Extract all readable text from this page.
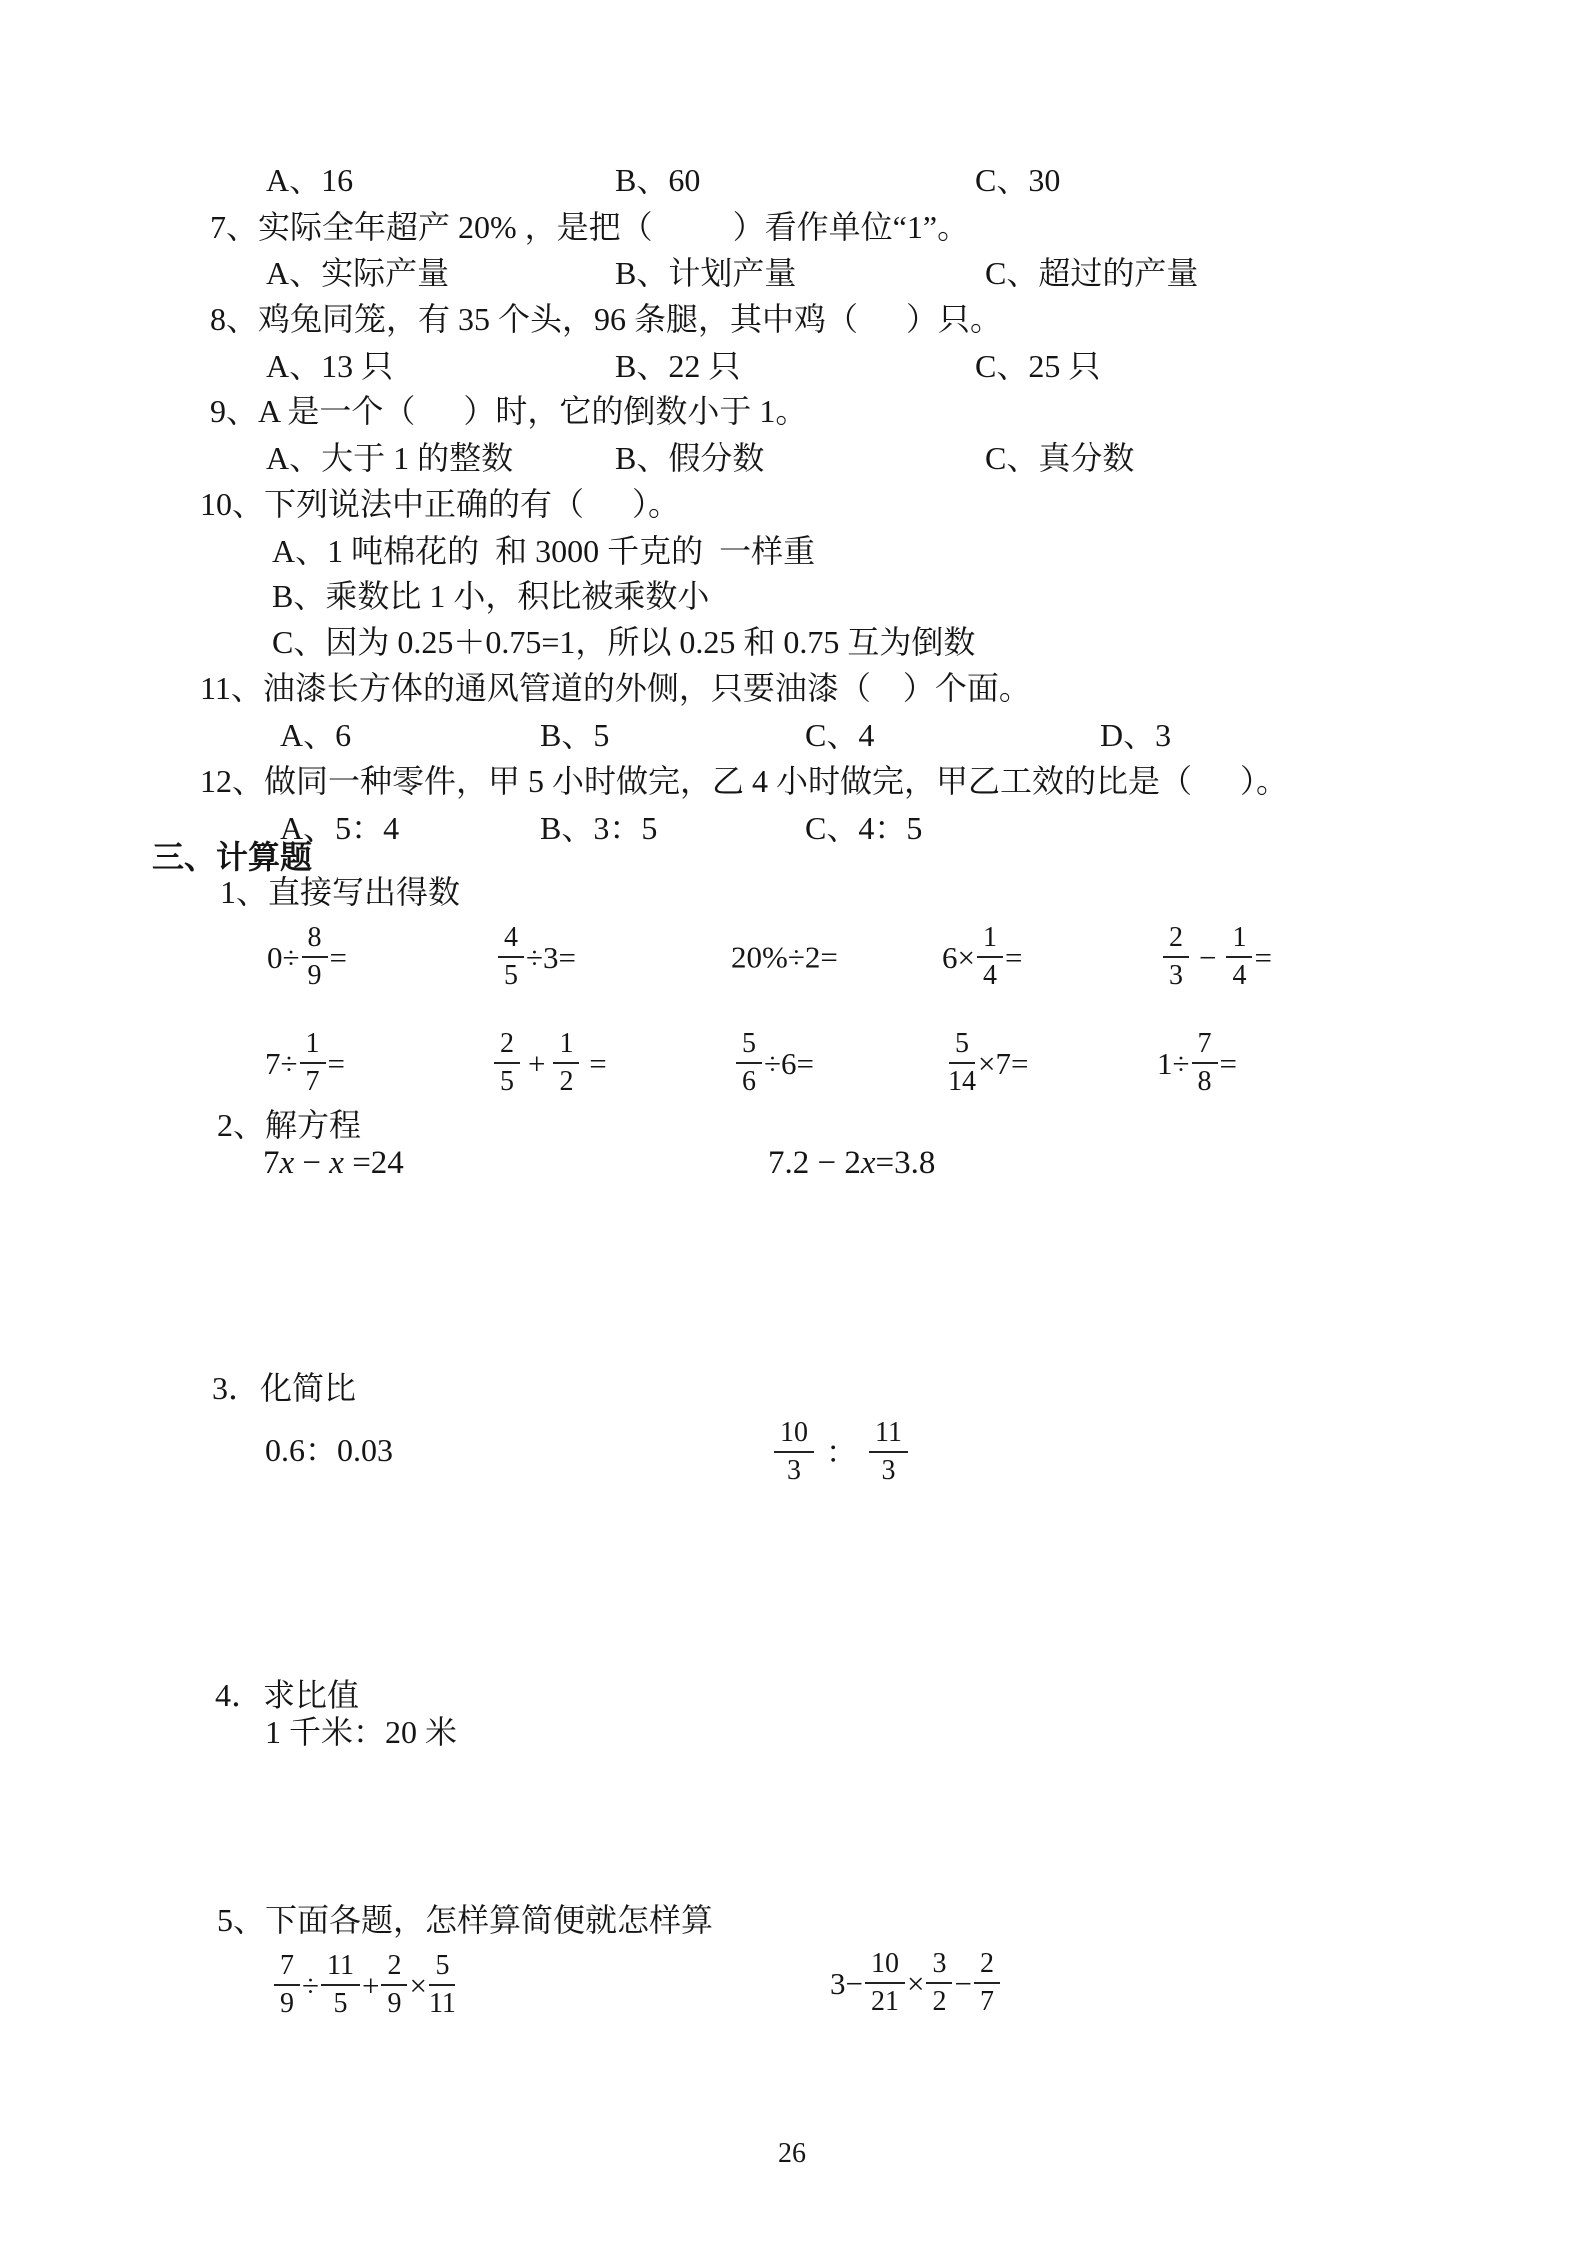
A、16	B、60	C、30
7、实际全年超产 20% ，是把（          ）看作单位“1”。
A、实际产量	B、计划产量	C、超过的产量
8、鸡兔同笼，有 35 个头，96 条腿，其中鸡（      ）只。
A、13 只	B、22 只	C、25 只
9、A 是一个（      ）时，它的倒数小于 1。
A、大于 1 的整数	B、假分数	C、真分数
10、下列说法中正确的有（      ）。
A、1 吨棉花的  和 3000 千克的  一样重
B、乘数比 1 小，积比被乘数小
C、因为 0.25＋0.75=1，所以 0.25 和 0.75 互为倒数
11、油漆长方体的通风管道的外侧，只要油漆（    ）个面。
A、6	B、5	C、4	D、3
12、做同一种零件，甲 5 小时做完，乙 4 小时做完，甲乙工效的比是（      ）。
A、5：4	B、3：5	C、4：5
三、计算题
1、直接写出得数
$0\div \frac{8}{9}$ =	$\frac{4}{5} \div 3=$	20%÷2=	$6\times \frac{1}{4}$ =	$\frac{2}{3} - \frac{1}{4}$ =
$7\div \frac{1}{7}$ =	$\frac{2}{5} + \frac{1}{2}$ =	$\frac{5}{6} \div 6=$	$\frac{5}{14} \times 7=$	$1\div \frac{7}{8}$ =
2、解方程
7x − x =24	7.2 − 2x=3.8
3．化简比
0.6：0.03	$\frac{10}{3}$ ： $\frac{11}{3}$
4．求比值
1 千米：20 米
5、下面各题，怎样算简便就怎样算
$\frac{7}{9} \div \frac{11}{5} + \frac{2}{9} \times \frac{5}{11}$	$3- \frac{10}{21} \times \frac{3}{2} - \frac{2}{7}$
26
